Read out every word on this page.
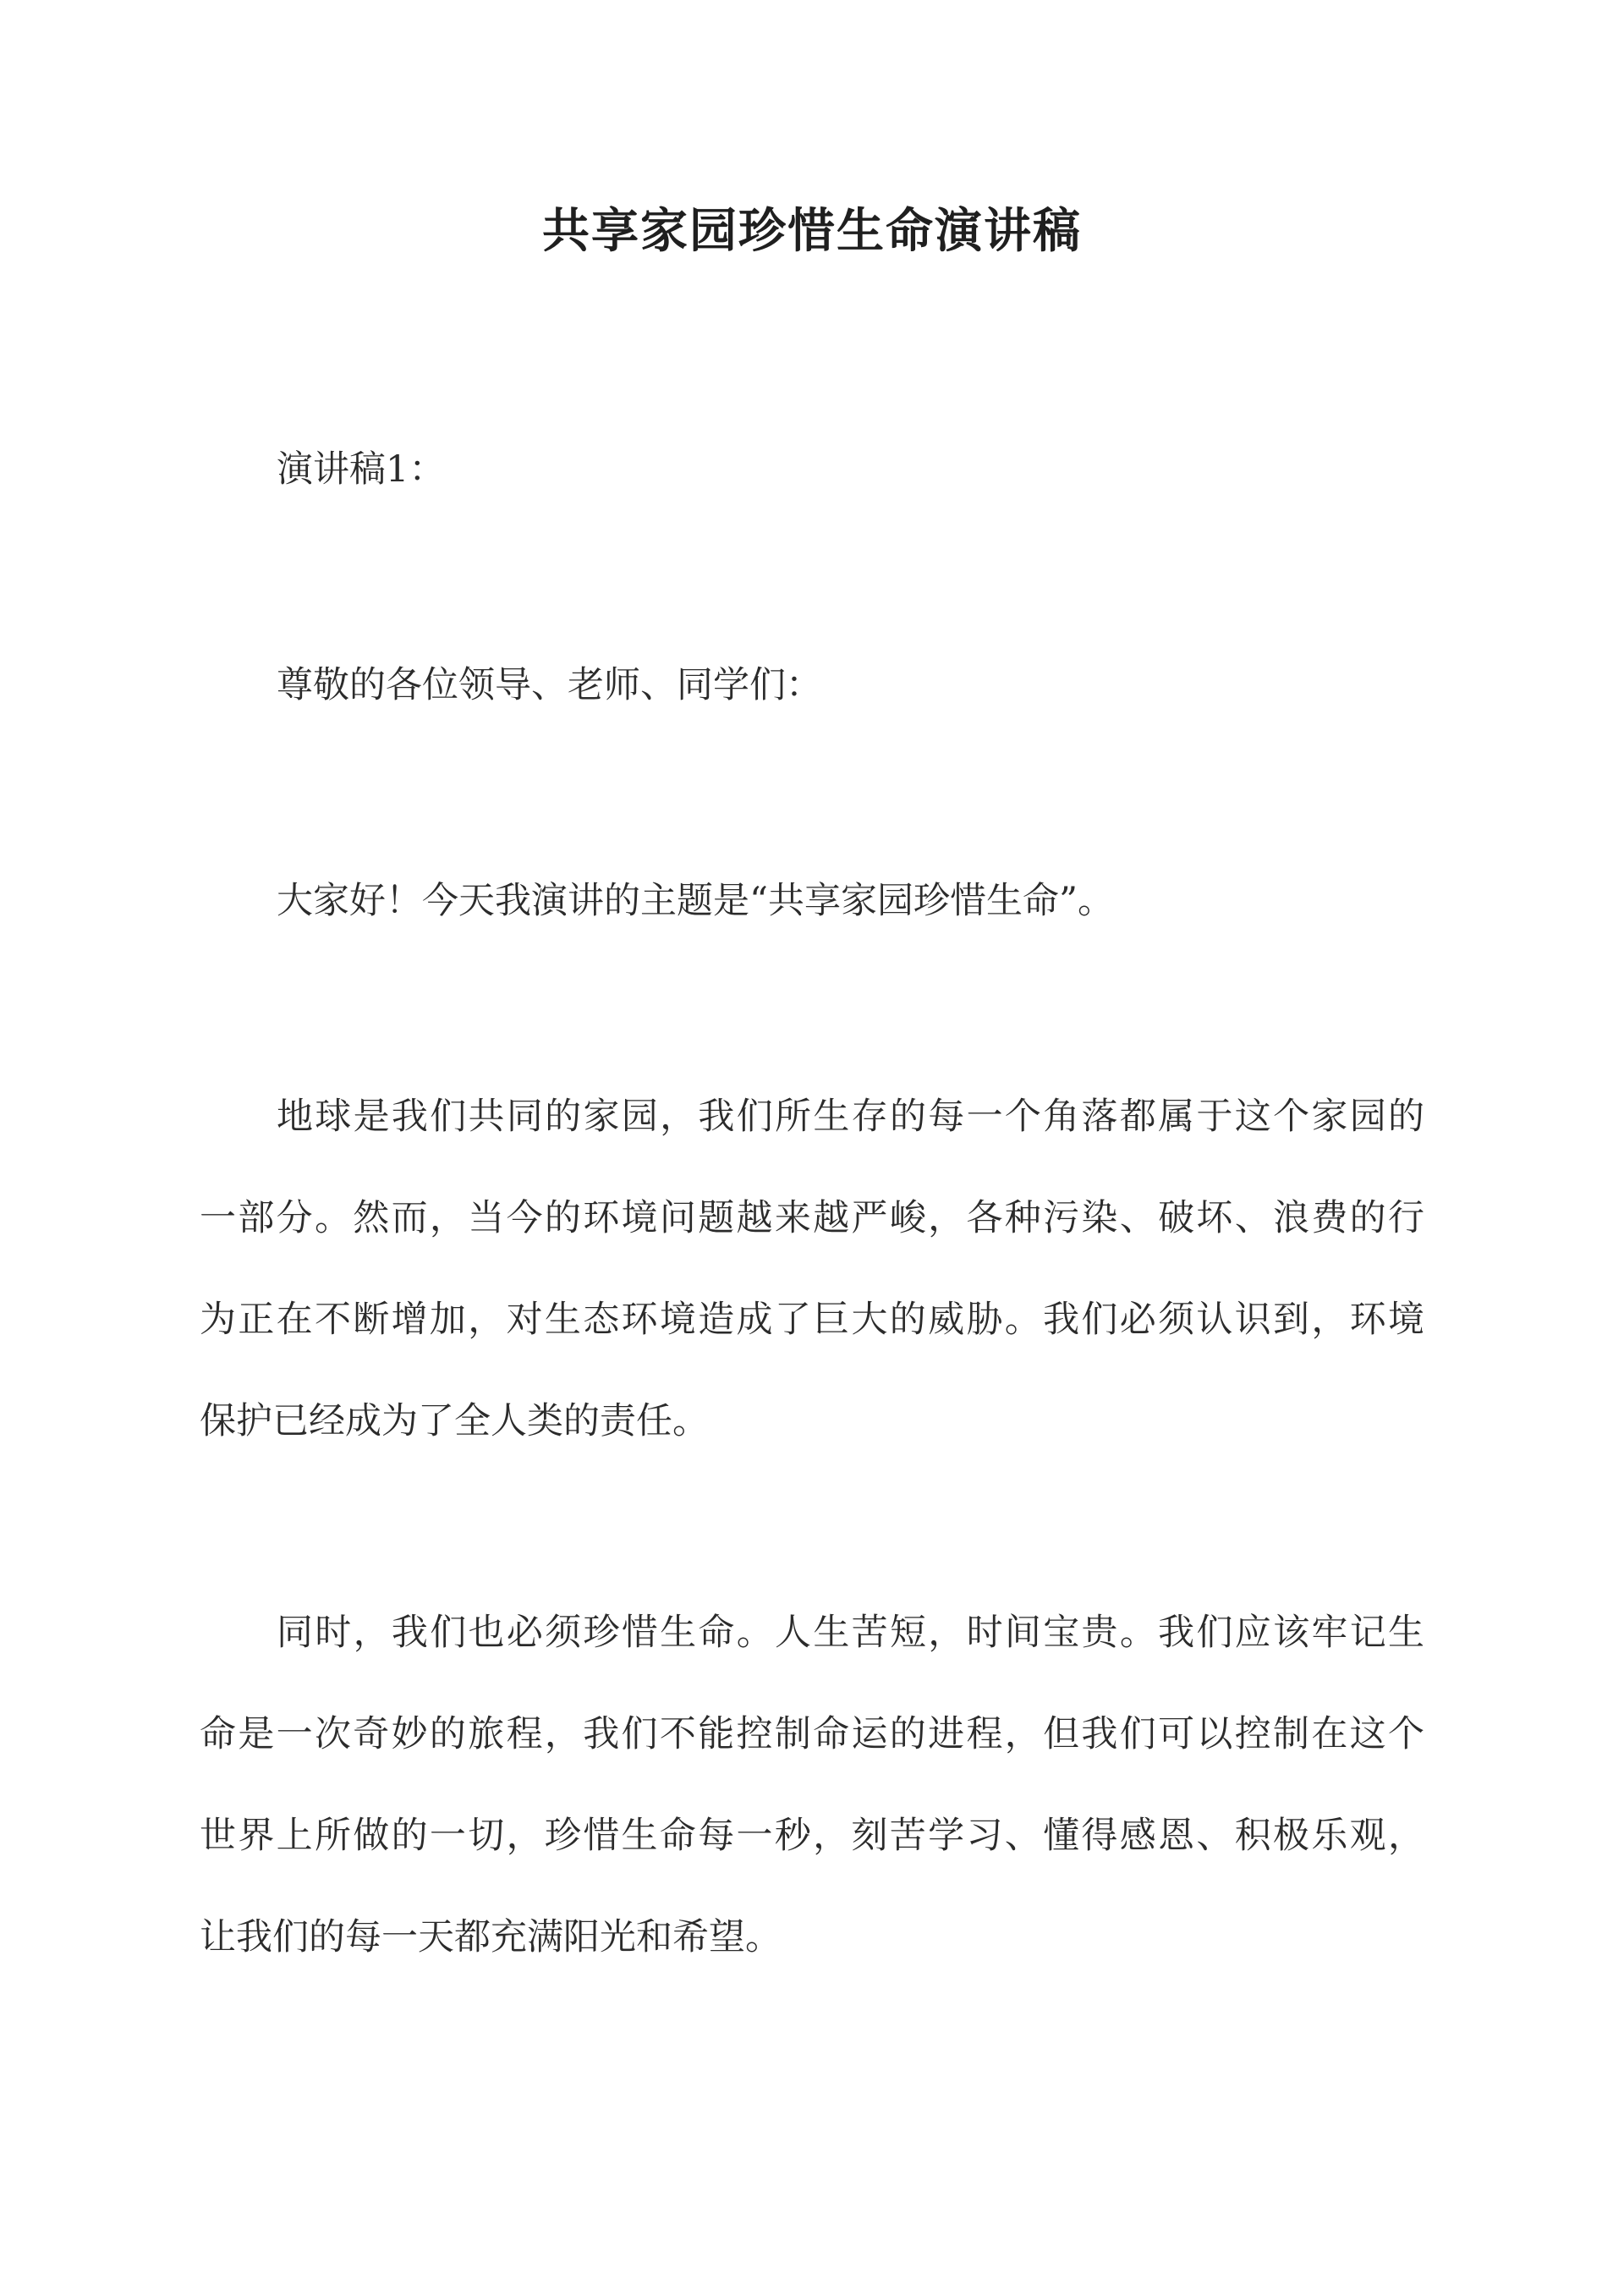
共享家园珍惜生命演讲稿
演讲稿1：
尊敬的各位领导、老师、同学们：
大家好！今天我演讲的主题是“共享家园珍惜生命”。
地球是我们共同的家园，我们所生存的每一个角落都属于这个家园的
一部分。然而，当今的环境问题越来越严峻，各种污染、破坏、浪费的行
为正在不断增加，对生态环境造成了巨大的威胁。我们必须认识到，环境
保护已经成为了全人类的责任。
同时，我们也必须珍惜生命。人生苦短，时间宝贵。我们应该牢记生
命是一次奇妙的旅程，我们不能控制命运的进程，但我们可以控制在这个
世界上所做的一切，珍惜生命每一秒，刻苦学习、懂得感恩、积极乐观，
让我们的每一天都充满阳光和希望。
